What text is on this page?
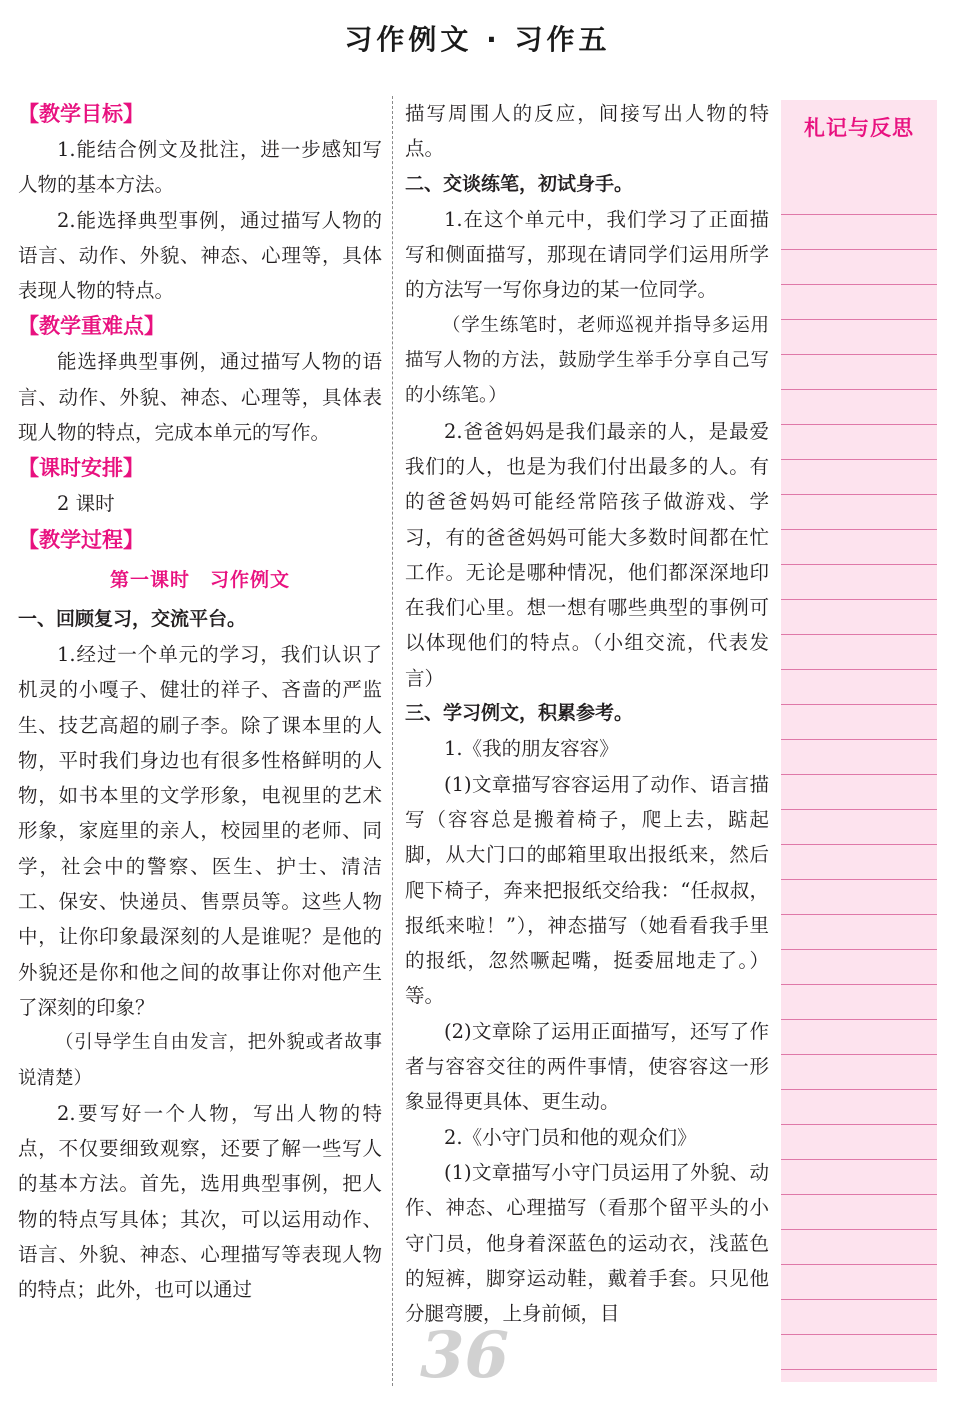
习作例文 · 习作五
【教学目标】

1.能结合例文及批注，进一步感知写人物的基本方法。

2.能选择典型事例，通过描写人物的语言、动作、外貌、神态、心理等，具体表现人物的特点。

【教学重难点】

能选择典型事例，通过描写人物的语言、动作、外貌、神态、心理等，具体表现人物的特点，完成本单元的写作。

【课时安排】

2 课时

【教学过程】
第一课时　习作例文
一、回顾复习，交流平台。

1.经过一个单元的学习，我们认识了机灵的小嘎子、健壮的祥子、吝啬的严监生、技艺高超的刷子李。除了课本里的人物，平时我们身边也有很多性格鲜明的人物，如书本里的文学形象，电视里的艺术形象，家庭里的亲人，校园里的老师、同学，社会中的警察、医生、护士、清洁工、保安、快递员、售票员等。这些人物中，让你印象最深刻的人是谁呢？是他的外貌还是你和他之间的故事让你对他产生了深刻的印象？

（引导学生自由发言，把外貌或者故事说清楚）

2.要写好一个人物，写出人物的特点，不仅要细致观察，还要了解一些写人的基本方法。首先，选用典型事例，把人物的特点写具体；其次，可以运用动作、语言、外貌、神态、心理描写等表现人物的特点；此外，也可以通过

描写周围人的反应，间接写出人物的特点。

二、交谈练笔，初试身手。

1.在这个单元中，我们学习了正面描写和侧面描写，那现在请同学们运用所学的方法写一写你身边的某一位同学。

（学生练笔时，老师巡视并指导多运用描写人物的方法，鼓励学生举手分享自己写的小练笔。）

2.爸爸妈妈是我们最亲的人，是最爱我们的人，也是为我们付出最多的人。有的爸爸妈妈可能经常陪孩子做游戏、学习，有的爸爸妈妈可能大多数时间都在忙工作。无论是哪种情况，他们都深深地印在我们心里。想一想有哪些典型的事例可以体现他们的特点。（小组交流，代表发言）

三、学习例文，积累参考。

1.《我的朋友容容》

(1)文章描写容容运用了动作、语言描写（容容总是搬着椅子，爬上去，踮起脚，从大门口的邮箱里取出报纸来，然后爬下椅子，奔来把报纸交给我：“任叔叔，报纸来啦！”），神态描写（她看看我手里的报纸，忽然噘起嘴，挺委屈地走了。）等。

(2)文章除了运用正面描写，还写了作者与容容交往的两件事情，使容容这一形象显得更具体、更生动。

2.《小守门员和他的观众们》

(1)文章描写小守门员运用了外貌、动作、神态、心理描写（看那个留平头的小守门员，他身着深蓝色的运动衣，浅蓝色的短裤，脚穿运动鞋，戴着手套。只见他分腿弯腰，上身前倾，目

札记与反思
36
